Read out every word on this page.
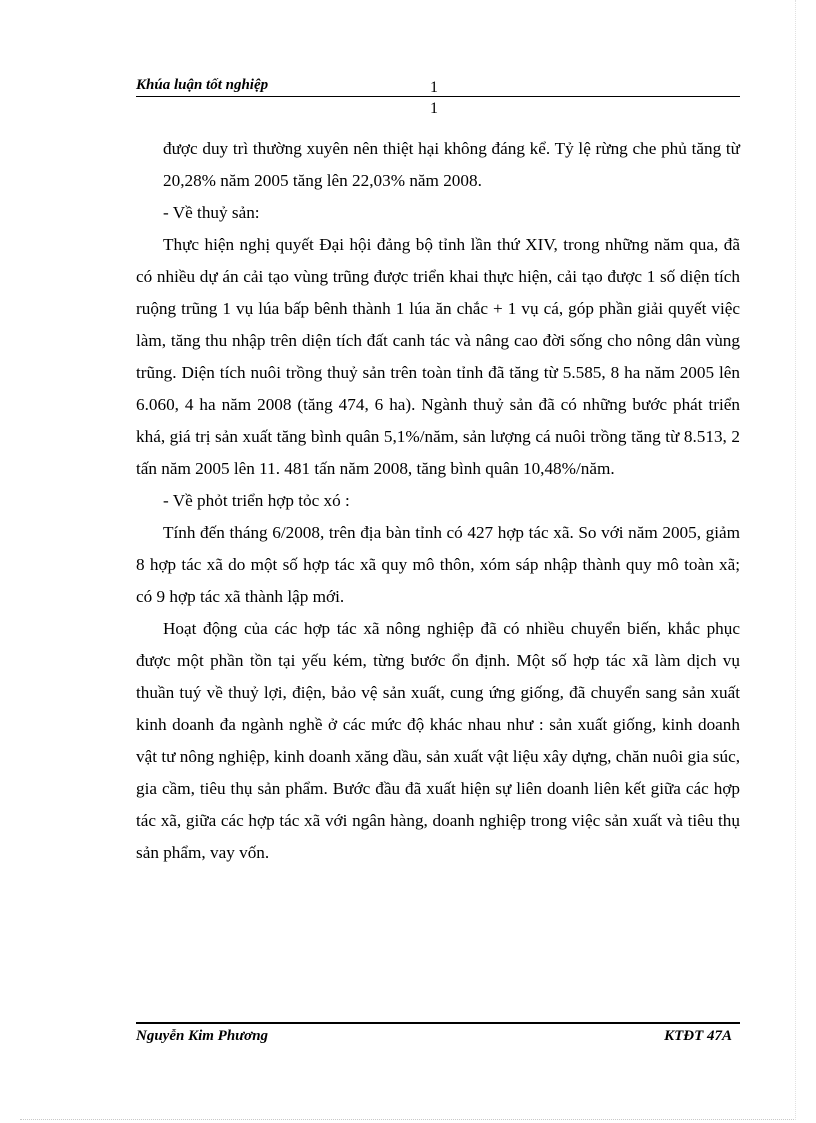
Khúa luận tốt nghiệp	1
1

được duy trì thường xuyên nên thiệt hại không đáng kể. Tỷ lệ rừng che phủ tăng từ 20,28% năm 2005 tăng lên 22,03% năm 2008.

- Về thuỷ sản:

Thực hiện nghị quyết Đại hội đảng bộ tỉnh lần thứ XIV, trong những năm qua, đã có nhiều dự án cải tạo vùng trũng được triển khai thực hiện, cải tạo được 1 số diện tích ruộng trũng 1 vụ lúa bấp bênh thành 1 lúa ăn chắc + 1 vụ cá, góp phần giải quyết việc làm, tăng thu nhập trên diện tích đất canh tác và nâng cao đời sống cho nông dân vùng trũng. Diện tích nuôi trồng thuỷ sản trên toàn tỉnh đã tăng từ 5.585, 8 ha năm 2005 lên 6.060, 4 ha năm 2008 (tăng 474, 6 ha). Ngành thuỷ sản đã có những bước phát triển khá, giá trị sản xuất tăng bình quân 5,1%/năm, sản lượng cá nuôi trồng tăng từ 8.513, 2 tấn năm 2005 lên 11. 481 tấn năm 2008, tăng bình quân 10,48%/năm.

- Về phỏt triển hợp tỏc xó :

Tính đến tháng 6/2008, trên địa bàn tỉnh có 427 hợp tác xã. So với năm 2005, giảm 8 hợp tác xã do một số hợp tác xã quy mô thôn, xóm sáp nhập thành quy mô toàn xã; có 9 hợp tác xã thành lập mới.

Hoạt động của các hợp tác xã nông nghiệp đã có nhiều chuyển biến, khắc phục được một phần tồn tại yếu kém, từng bước ổn định. Một số hợp tác xã làm dịch vụ thuần tuý về thuỷ lợi, điện, bảo vệ sản xuất, cung ứng giống, đã chuyển sang sản xuất kinh doanh đa ngành nghề ở các mức độ khác nhau như : sản xuất giống, kinh doanh vật tư nông nghiệp, kinh doanh xăng dầu, sản xuất vật liệu xây dựng, chăn nuôi gia súc, gia cầm, tiêu thụ sản phẩm. Bước đầu đã xuất hiện sự liên doanh liên kết giữa các hợp tác xã, giữa các hợp tác xã với ngân hàng, doanh nghiệp trong việc sản xuất và tiêu thụ sản phẩm, vay vốn.

Nguyễn Kim Phương	KTĐT 47A
